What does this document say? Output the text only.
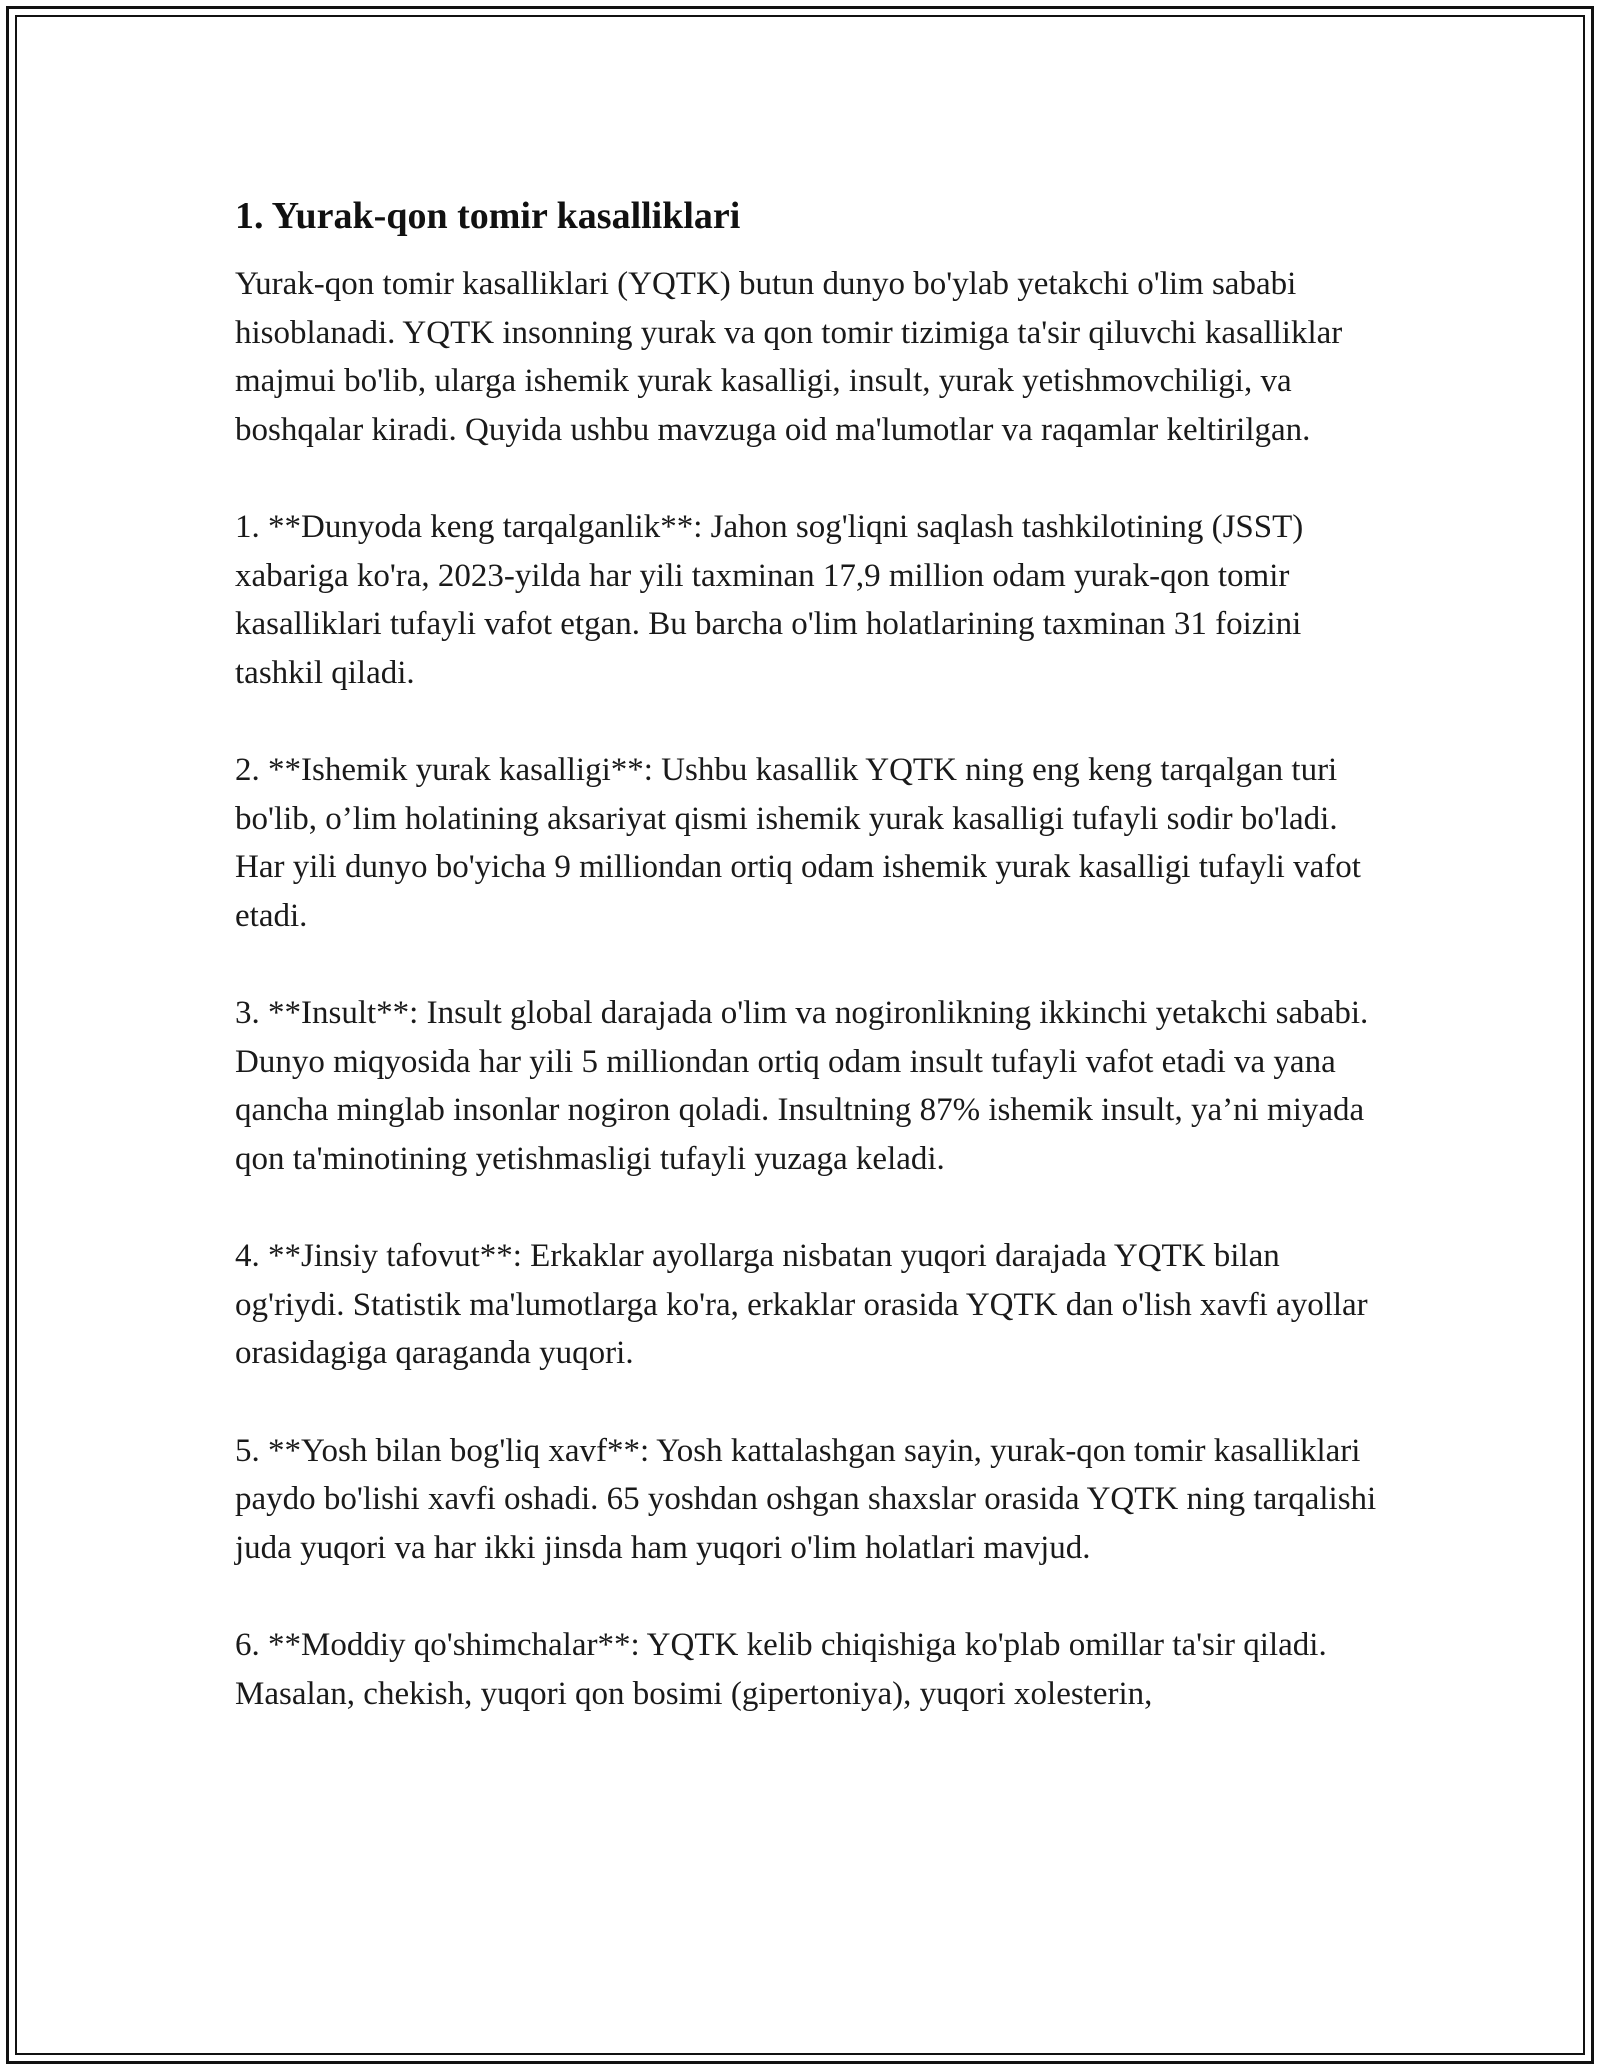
1. Yurak-qon tomir kasalliklari

Yurak-qon tomir kasalliklari (YQTK) butun dunyo bo'ylab yetakchi o'lim sababi hisoblanadi. YQTK insonning yurak va qon tomir tizimiga ta'sir qiluvchi kasalliklar majmui bo'lib, ularga ishemik yurak kasalligi, insult, yurak yetishmovchiligi, va boshqalar kiradi. Quyida ushbu mavzuga oid ma'lumotlar va raqamlar keltirilgan.

1. **Dunyoda keng tarqalganlik**: Jahon sog'liqni saqlash tashkilotining (JSST) xabariga ko'ra, 2023-yilda har yili taxminan 17,9 million odam yurak-qon tomir kasalliklari tufayli vafot etgan. Bu barcha o'lim holatlarining taxminan 31 foizini tashkil qiladi.

2. **Ishemik yurak kasalligi**: Ushbu kasallik YQTK ning eng keng tarqalgan turi bo'lib, o’lim holatining aksariyat qismi ishemik yurak kasalligi tufayli sodir bo'ladi. Har yili dunyo bo'yicha 9 milliondan ortiq odam ishemik yurak kasalligi tufayli vafot etadi.

3. **Insult**: Insult global darajada o'lim va nogironlikning ikkinchi yetakchi sababi. Dunyo miqyosida har yili 5 milliondan ortiq odam insult tufayli vafot etadi va yana qancha minglab insonlar nogiron qoladi. Insultning 87% ishemik insult, ya’ni miyada qon ta'minotining yetishmasligi tufayli yuzaga keladi.

4. **Jinsiy tafovut**: Erkaklar ayollarga nisbatan yuqori darajada YQTK bilan og'riydi. Statistik ma'lumotlarga ko'ra, erkaklar orasida YQTK dan o'lish xavfi ayollar orasidagiga qaraganda yuqori.

5. **Yosh bilan bog'liq xavf**: Yosh kattalashgan sayin, yurak-qon tomir kasalliklari paydo bo'lishi xavfi oshadi. 65 yoshdan oshgan shaxslar orasida YQTK ning tarqalishi juda yuqori va har ikki jinsda ham yuqori o'lim holatlari mavjud.

6. **Moddiy qo'shimchalar**: YQTK kelib chiqishiga ko'plab omillar ta'sir qiladi. Masalan, chekish, yuqori qon bosimi (gipertoniya), yuqori xolesterin,
